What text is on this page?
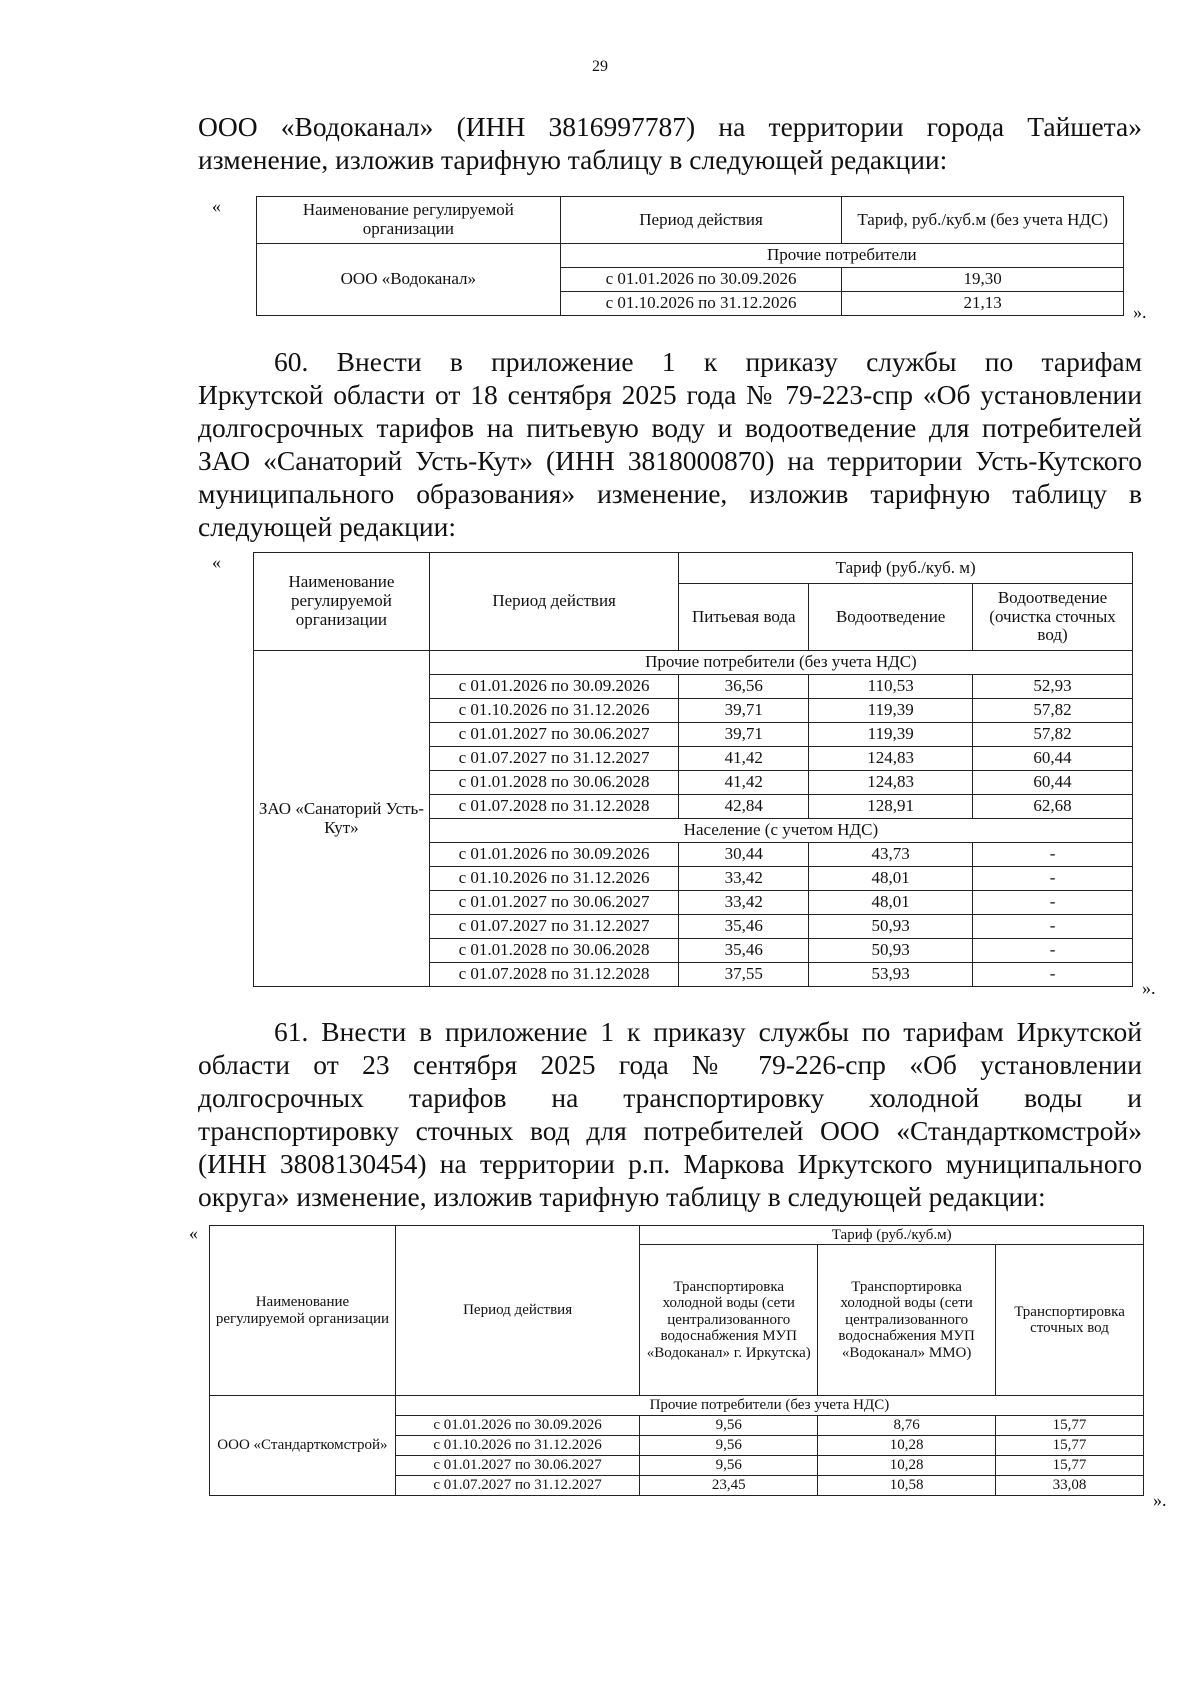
29
ООО «Водоканал» (ИНН 3816997787) на территории города Тайшета»
изменение, изложив тарифную таблицу в следующей редакции:
«	Наименование регулируемой организации	Период действия	Тариф, руб./куб.м (без учета НДС)
ООО «Водоканал»	Прочие потребители	
	с 01.01.2026 по 30.09.2026	19,30
	с 01.10.2026 по 31.12.2026	21,13	».
60. Внести в приложение 1 к приказу службы по тарифам
Иркутской области от 18 сентября 2025 года № 79-223-спр «Об установлении
долгосрочных тарифов на питьевую воду и водоотведение для потребителей
ЗАО «Санаторий Усть-Кут» (ИНН 3818000870) на территории Усть-Кутского
муниципального образования» изменение, изложив тарифную таблицу в
следующей редакции:
«
Наименование регулируемой организации	Период действия	Тариф (руб./куб. м)		
		Питьевая вода	Водоотведение	Водоотведение (очистка сточных вод)
ЗАО «Санаторий Усть-Кут»	Прочие потребители (без учета НДС)			
	с 01.01.2026 по 30.09.2026	36,56	110,53	52,93
	с 01.10.2026 по 31.12.2026	39,71	119,39	57,82
	с 01.01.2027 по 30.06.2027	39,71	119,39	57,82
	с 01.07.2027 по 31.12.2027	41,42	124,83	60,44
	с 01.01.2028 по 30.06.2028	41,42	124,83	60,44
	с 01.07.2028 по 31.12.2028	42,84	128,91	62,68
	Население (с учетом НДС)			
	с 01.01.2026 по 30.09.2026	30,44	43,73	-
	с 01.10.2026 по 31.12.2026	33,42	48,01	-
	с 01.01.2027 по 30.06.2027	33,42	48,01	-
	с 01.07.2027 по 31.12.2027	35,46	50,93	-
	с 01.01.2028 по 30.06.2028	35,46	50,93	-
	с 01.07.2028 по 31.12.2028	37,55	53,93	-
».
61. Внести в приложение 1 к приказу службы по тарифам Иркутской
области от 23 сентября 2025 года № 79-226-спр «Об установлении
долгосрочных тарифов на транспортировку холодной воды и
транспортировку сточных вод для потребителей ООО «Стандарткомстрой»
(ИНН 3808130454) на территории р.п. Маркова Иркутского муниципального
округа» изменение, изложив тарифную таблицу в следующей редакции:
«
Наименование регулируемой организации	Период действия	Тариф (руб./куб.м)		
		Транспортировка холодной воды (сети централизованного водоснабжения МУП «Водоканал» г. Иркутска)	Транспортировка холодной воды (сети централизованного водоснабжения МУП «Водоканал» ММО)	Транспортировка сточных вод
ООО «Стандарткомстрой»	Прочие потребители (без учета НДС)			
	с 01.01.2026 по 30.09.2026	9,56	8,76	15,77
	с 01.10.2026 по 31.12.2026	9,56	10,28	15,77
	с 01.01.2027 по 30.06.2027	9,56	10,28	15,77
	с 01.07.2027 по 31.12.2027	23,45	10,58	33,08
».
